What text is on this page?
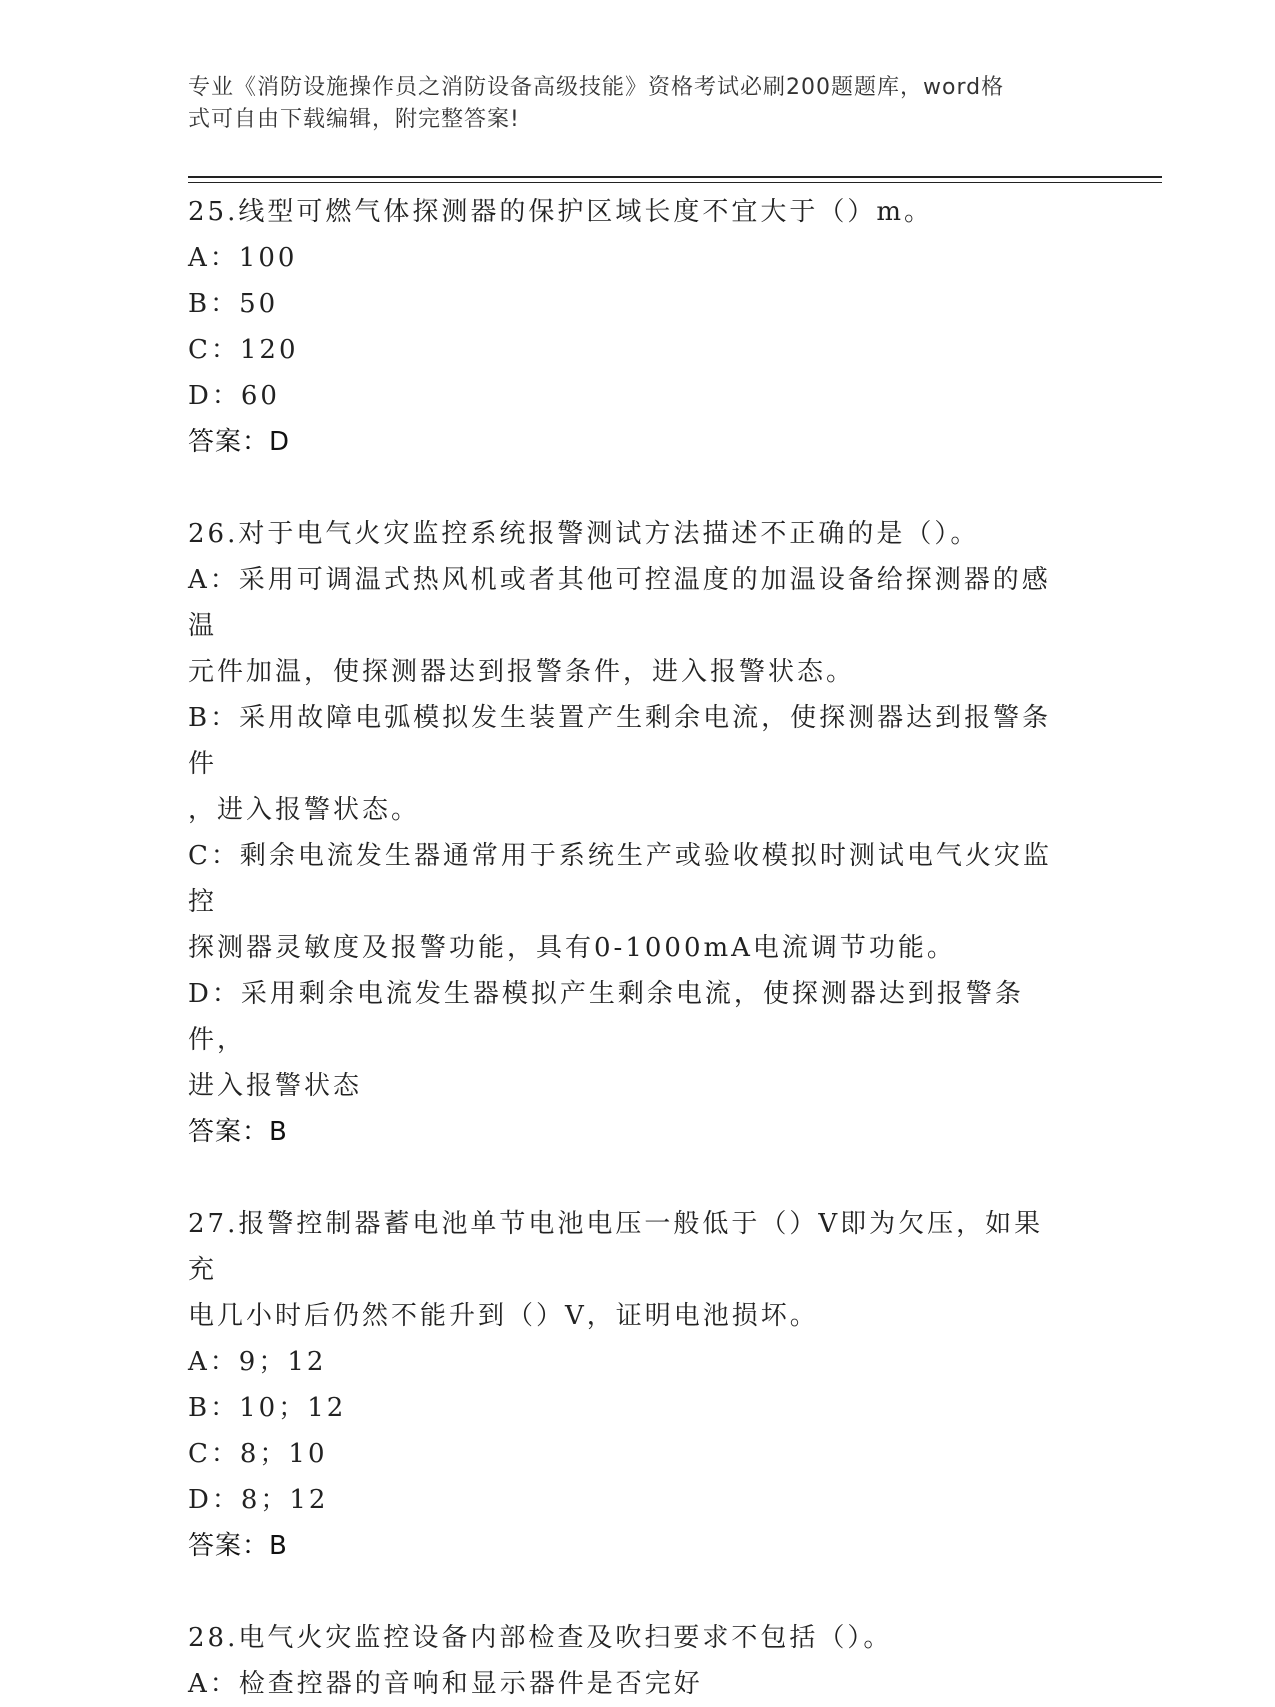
专业《消防设施操作员之消防设备高级技能》资格考试必刷200题题库，word格
式可自由下载编辑，附完整答案!
25.线型可燃气体探测器的保护区域长度不宜大于（）m。
A：100
B：50
C：120
D：60
答案：D
26.对于电气火灾监控系统报警测试方法描述不正确的是（）。
A：采用可调温式热风机或者其他可控温度的加温设备给探测器的感温
元件加温，使探测器达到报警条件，进入报警状态。
B：采用故障电弧模拟发生装置产生剩余电流，使探测器达到报警条件
，进入报警状态。
C：剩余电流发生器通常用于系统生产或验收模拟时测试电气火灾监控
探测器灵敏度及报警功能，具有0-1000mA电流调节功能。
D：采用剩余电流发生器模拟产生剩余电流，使探测器达到报警条件，
进入报警状态
答案：B
27.报警控制器蓄电池单节电池电压一般低于（）V即为欠压，如果充
电几小时后仍然不能升到（）V，证明电池损坏。
A：9；12
B：10；12
C：8；10
D：8；12
答案：B
28.电气火灾监控设备内部检查及吹扫要求不包括（）。
A：检查控器的音响和显示器件是否完好
